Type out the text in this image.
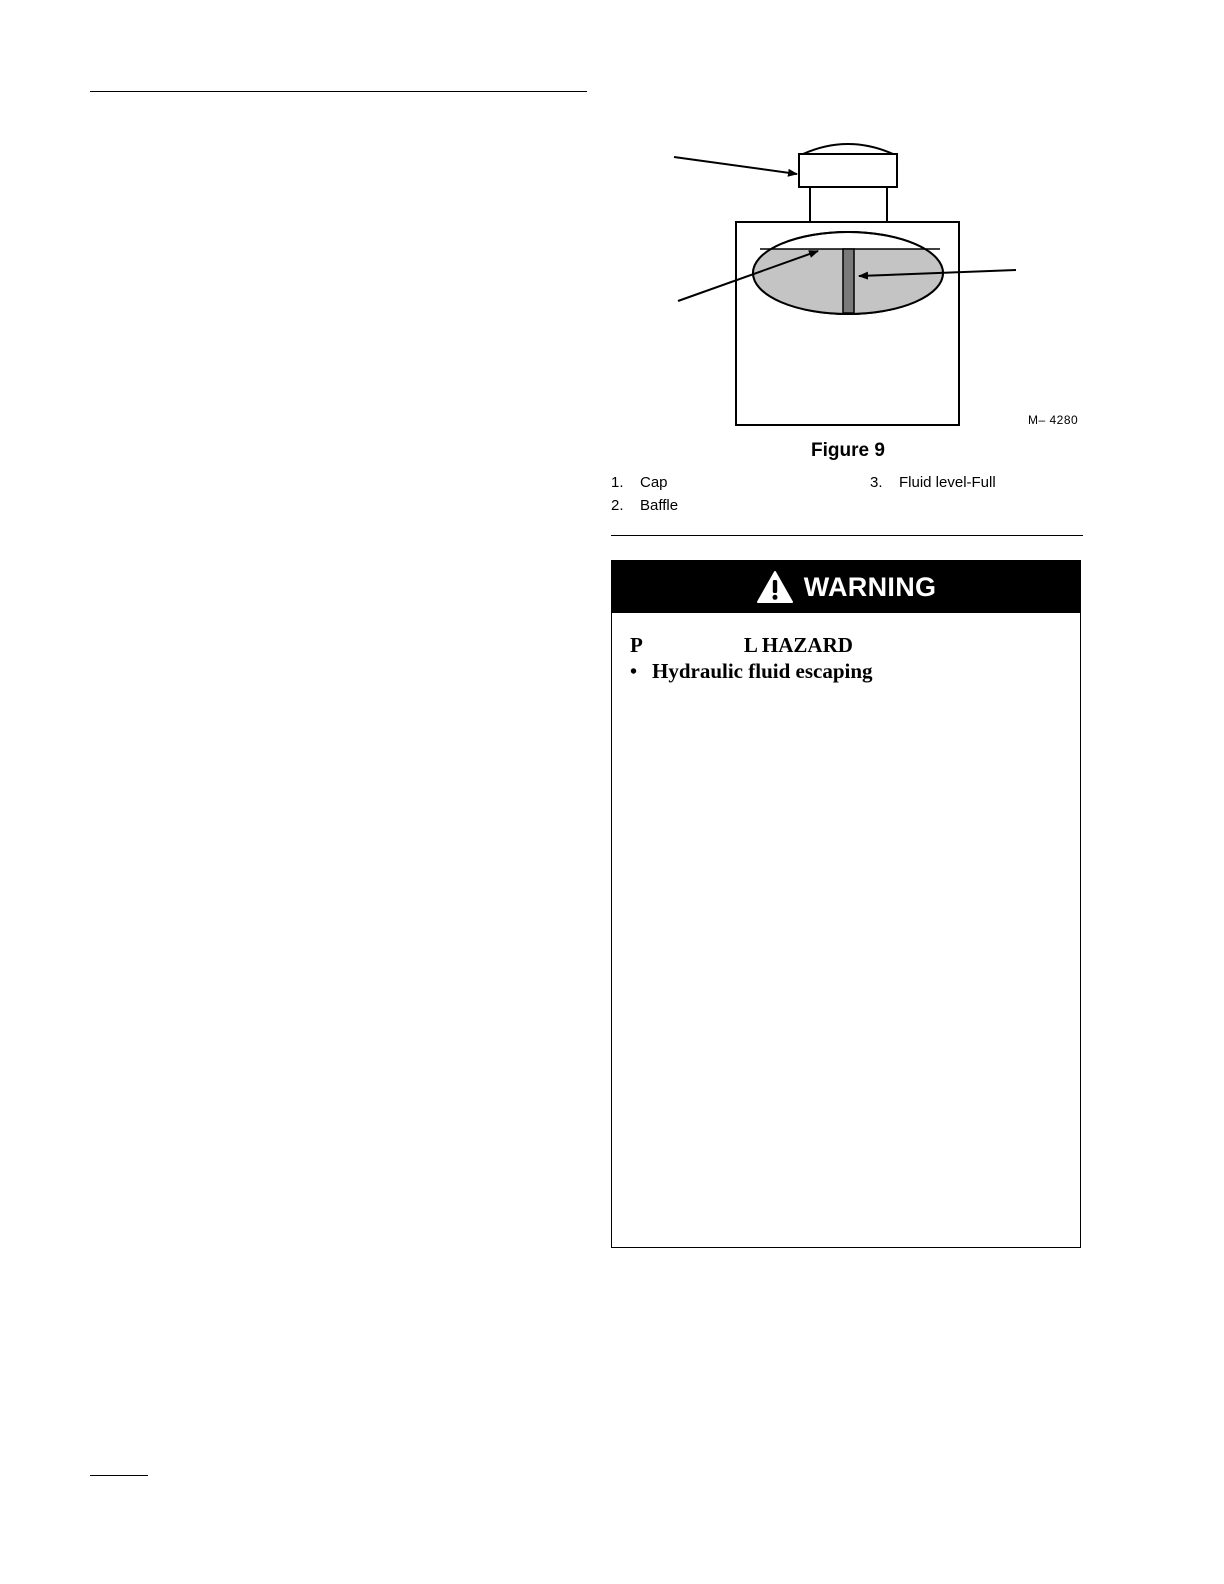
M– 4280
Figure 9
1.	Cap
2.	Baffle
3.	Fluid level-Full
WARNING
P	L HAZARD
• Hydraulic fluid escaping
